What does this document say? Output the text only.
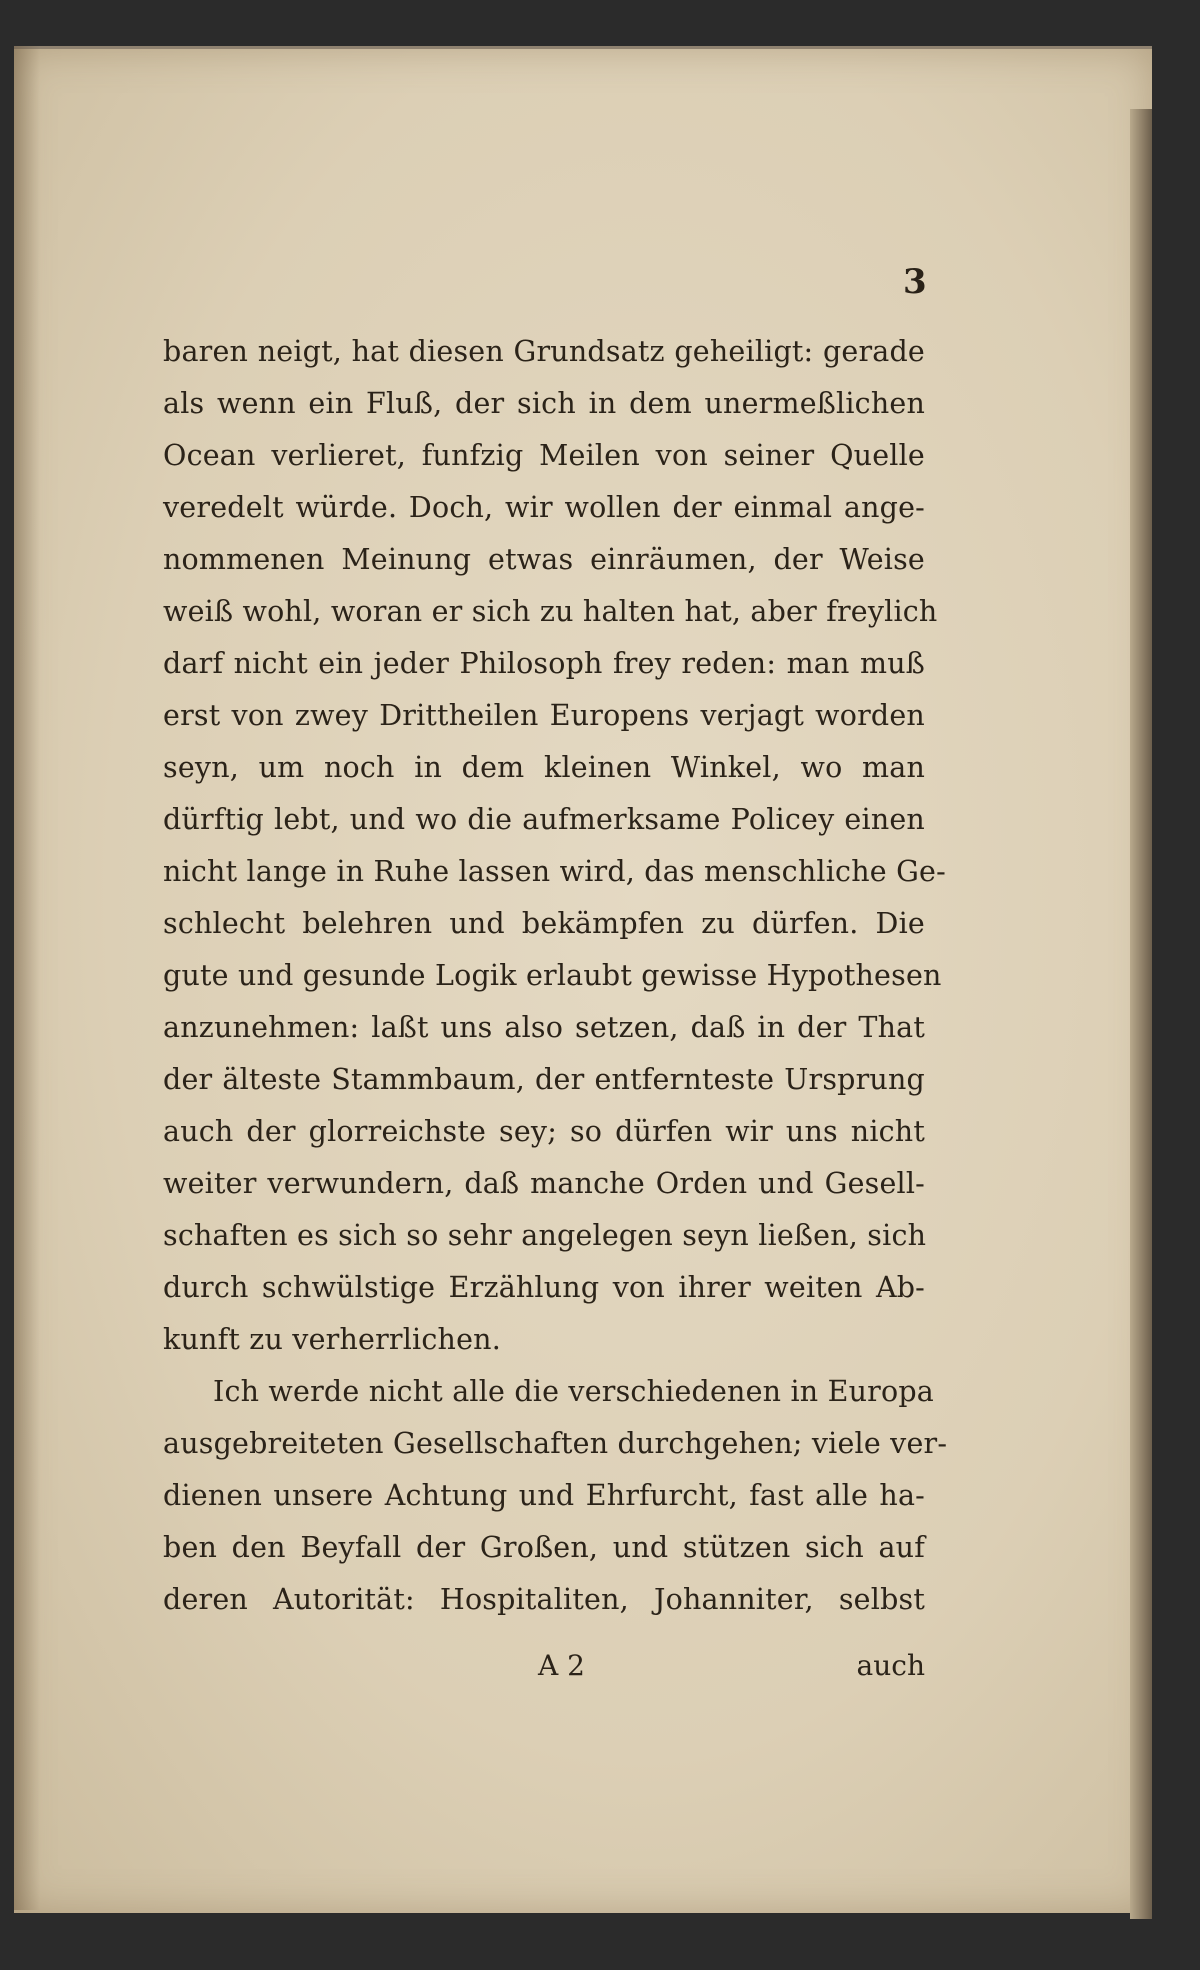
3
baren neigt, hat diesen Grundsatz geheiligt: gerade
als wenn ein Fluß, der sich in dem unermeßlichen
Ocean verlieret, funfzig Meilen von seiner Quelle
veredelt würde. Doch, wir wollen der einmal ange-
nommenen Meinung etwas einräumen, der Weise
weiß wohl, woran er sich zu halten hat, aber freylich
darf nicht ein jeder Philosoph frey reden: man muß
erst von zwey Drittheilen Europens verjagt worden
seyn, um noch in dem kleinen Winkel, wo man
dürftig lebt, und wo die aufmerksame Policey einen
nicht lange in Ruhe lassen wird, das menschliche Ge-
schlecht belehren und bekämpfen zu dürfen. Die
gute und gesunde Logik erlaubt gewisse Hypothesen
anzunehmen: laßt uns also setzen, daß in der That
der älteste Stammbaum, der entfernteste Ursprung
auch der glorreichste sey; so dürfen wir uns nicht
weiter verwundern, daß manche Orden und Gesell-
schaften es sich so sehr angelegen seyn ließen, sich
durch schwülstige Erzählung von ihrer weiten Ab-
kunft zu verherrlichen.
Ich werde nicht alle die verschiedenen in Europa
ausgebreiteten Gesellschaften durchgehen; viele ver-
dienen unsere Achtung und Ehrfurcht, fast alle ha-
ben den Beyfall der Großen, und stützen sich auf
deren Autorität: Hospitaliten, Johanniter, selbst
A 2	auch
